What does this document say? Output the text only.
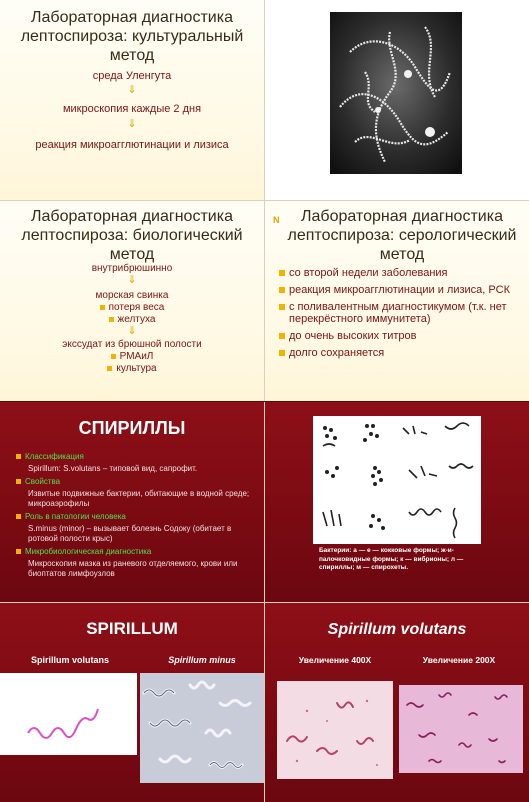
Лабораторная диагностика лептоспироза: культуральный метод
среда Уленгута
⇓
микроскопия каждые 2 дня
⇓
реакция микроагглютинации и лизиса
Лабораторная диагностика лептоспироза: биологический метод
внутрибрюшинно
⇓
морская свинка
потеря веса
желтуха
⇓
экссудат из брюшной полости
РМАиЛ
культура
N	Лабораторная диагностика лептоспироза: серологический метод
со второй недели заболевания
реакция микроагглютинации и лизиса, РСК
с поливалентным диагностикумом (т.к. нет перекрёстного иммунитета)
до очень высоких титров
долго сохраняется
СПИРИЛЛЫ
Классификация
Spirillum: S.volutans – типовой вид, сапрофит.
Свойства
Извитые подвижные бактерии, обитающие в водной среде; микроаэрофилы
Роль в патологии человека
S.minus (minor) – вызывает болезнь Содоку (обитает в ротовой полости крыс)
Микробиологическая диагностика
Микроскопия мазка из раневого отделяемого, крови или биоптатов лимфоузлов
Бактерии: а — е — кокковые формы; ж-и- палочковидные формы; к — вибрионы; л — спириллы; м — спирохеты.
SPIRILLUM
Spirillum volutans	Spirillum minus
Spirillum volutans
Увеличение 400X	Увеличение 200X
